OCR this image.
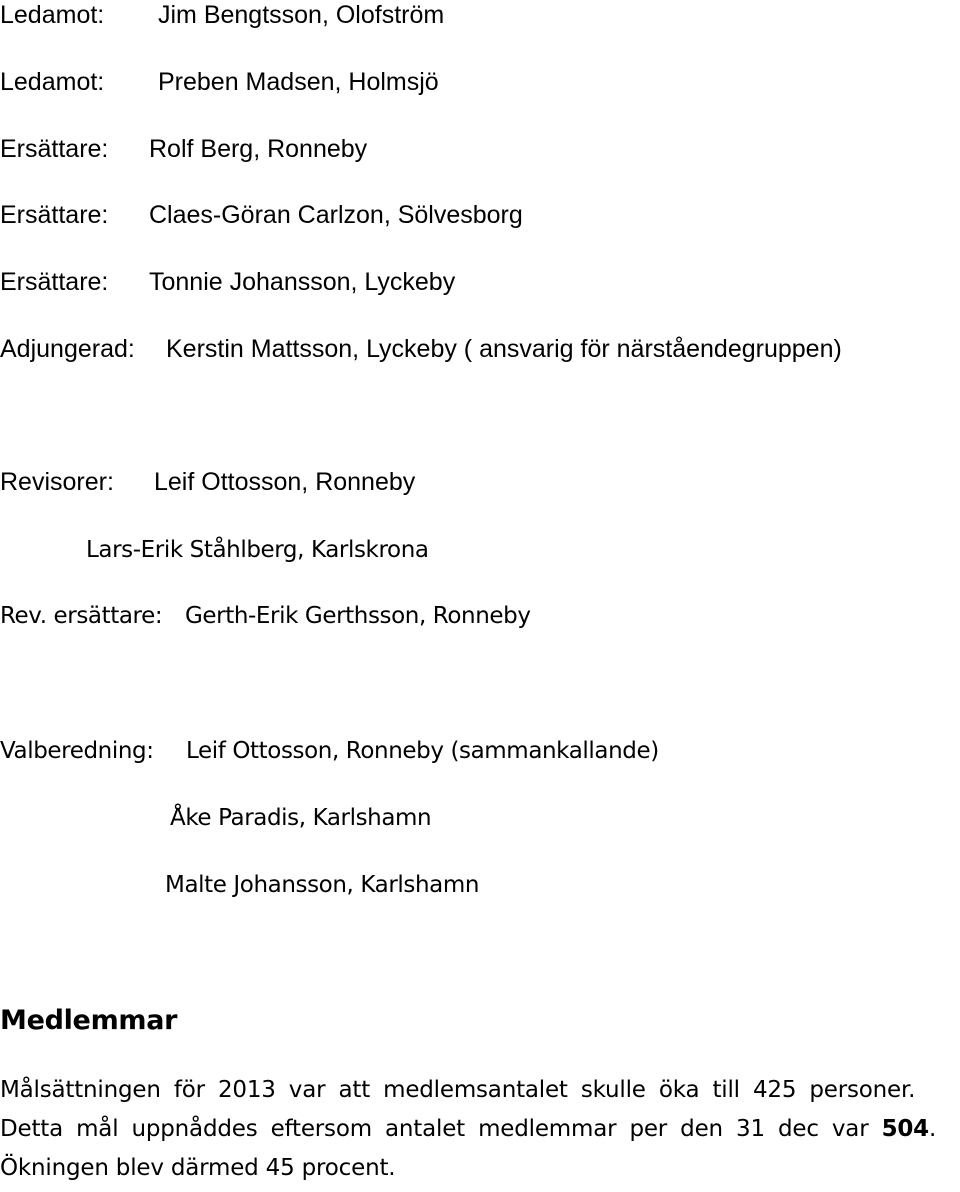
Ledamot: Jim Bengtsson, Olofström
Ledamot: Preben Madsen, Holmsjö
Ersättare: Rolf Berg, Ronneby
Ersättare: Claes-Göran Carlzon, Sölvesborg
Ersättare: Tonnie Johansson, Lyckeby
Adjungerad: Kerstin Mattsson, Lyckeby ( ansvarig för närståendegruppen)
Revisorer: Leif Ottosson, Ronneby
Lars-Erik Ståhlberg, Karlskrona
Rev. ersättare: Gerth-Erik Gerthsson, Ronneby
Valberedning: Leif Ottosson, Ronneby (sammankallande)
Åke Paradis, Karlshamn
Malte Johansson, Karlshamn
Medlemmar
Målsättningen för 2013 var att medlemsantalet skulle öka till 425 personer.
Detta mål uppnåddes eftersom antalet medlemmar per den 31 dec var 504.
Ökningen blev därmed 45 procent.
